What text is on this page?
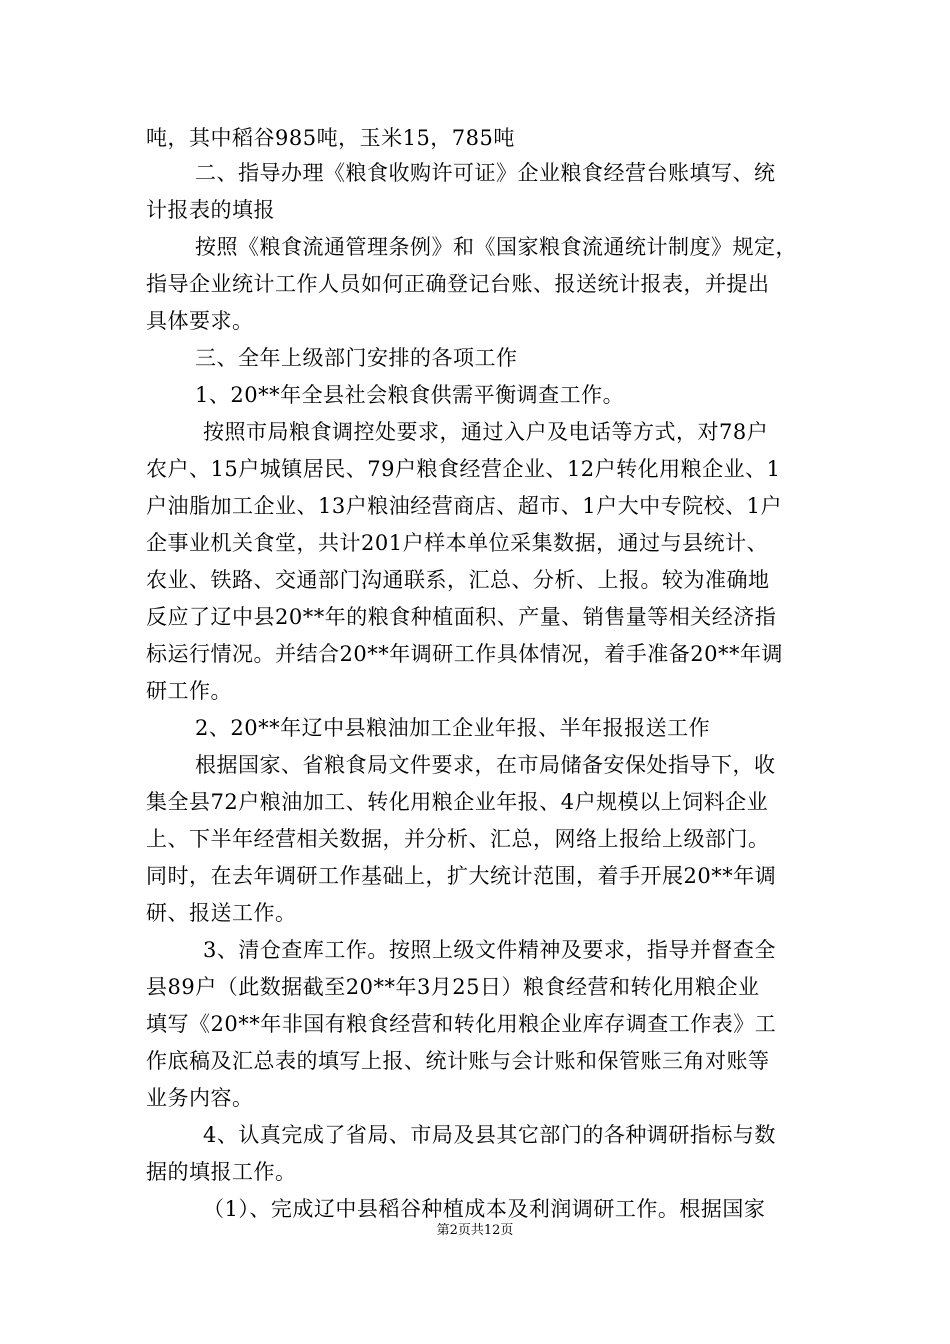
吨，其中稻谷985吨，玉米15，785吨
二、指导办理《粮食收购许可证》企业粮食经营台账填写、统
计报表的填报
按照《粮食流通管理条例》和《国家粮食流通统计制度》规定，
指导企业统计工作人员如何正确登记台账、报送统计报表，并提出
具体要求。
三、全年上级部门安排的各项工作
1、20**年全县社会粮食供需平衡调查工作。
按照市局粮食调控处要求，通过入户及电话等方式，对78户
农户、15户城镇居民、79户粮食经营企业、12户转化用粮企业、1
户油脂加工企业、13户粮油经营商店、超市、1户大中专院校、1户
企事业机关食堂，共计201户样本单位采集数据，通过与县统计、
农业、铁路、交通部门沟通联系，汇总、分析、上报。较为准确地
反应了辽中县20**年的粮食种植面积、产量、销售量等相关经济指
标运行情况。并结合20**年调研工作具体情况，着手准备20**年调
研工作。
2、20**年辽中县粮油加工企业年报、半年报报送工作
根据国家、省粮食局文件要求，在市局储备安保处指导下，收
集全县72户粮油加工、转化用粮企业年报、4户规模以上饲料企业
上、下半年经营相关数据，并分析、汇总，网络上报给上级部门。
同时，在去年调研工作基础上，扩大统计范围，着手开展20**年调
研、报送工作。
3、清仓查库工作。按照上级文件精神及要求，指导并督查全
县89户（此数据截至20**年3月25日）粮食经营和转化用粮企业
填写《20**年非国有粮食经营和转化用粮企业库存调查工作表》工
作底稿及汇总表的填写上报、统计账与会计账和保管账三角对账等
业务内容。
4、认真完成了省局、市局及县其它部门的各种调研指标与数
据的填报工作。
（1）、完成辽中县稻谷种植成本及利润调研工作。根据国家
第2页共12页
